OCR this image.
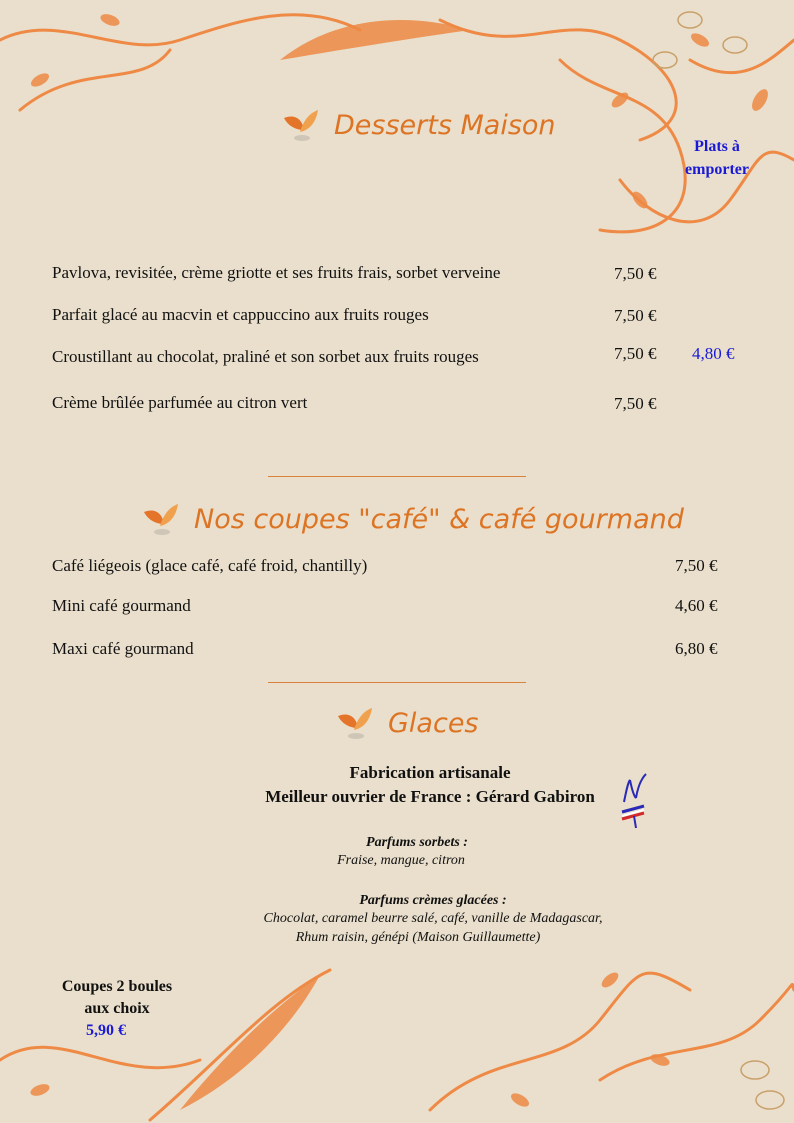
Desserts Maison
Plats à emporter
Pavlova, revisitée, crème griotte et ses fruits frais, sorbet verveine	7,50 €
Parfait glacé au macvin et cappuccino aux fruits rouges	7,50 €
Croustillant au chocolat, praliné et son sorbet aux fruits rouges	7,50 € 4,80 €
Crème brûlée parfumée au citron vert	7,50 €
Nos coupes "café" & café gourmand
Café liégeois (glace café, café froid, chantilly)	7,50 €
Mini café gourmand	4,60 €
Maxi café gourmand	6,80 €
Glaces
Fabrication artisanale
Meilleur ouvrier de France : Gérard Gabiron
Parfums sorbets :
Fraise, mangue, citron
Parfums crèmes glacées :
Chocolat, caramel beurre salé, café, vanille de Madagascar,
Rhum raisin, génépi (Maison Guillaumette)
Coupes 2 boules
aux choix
5,90 €
